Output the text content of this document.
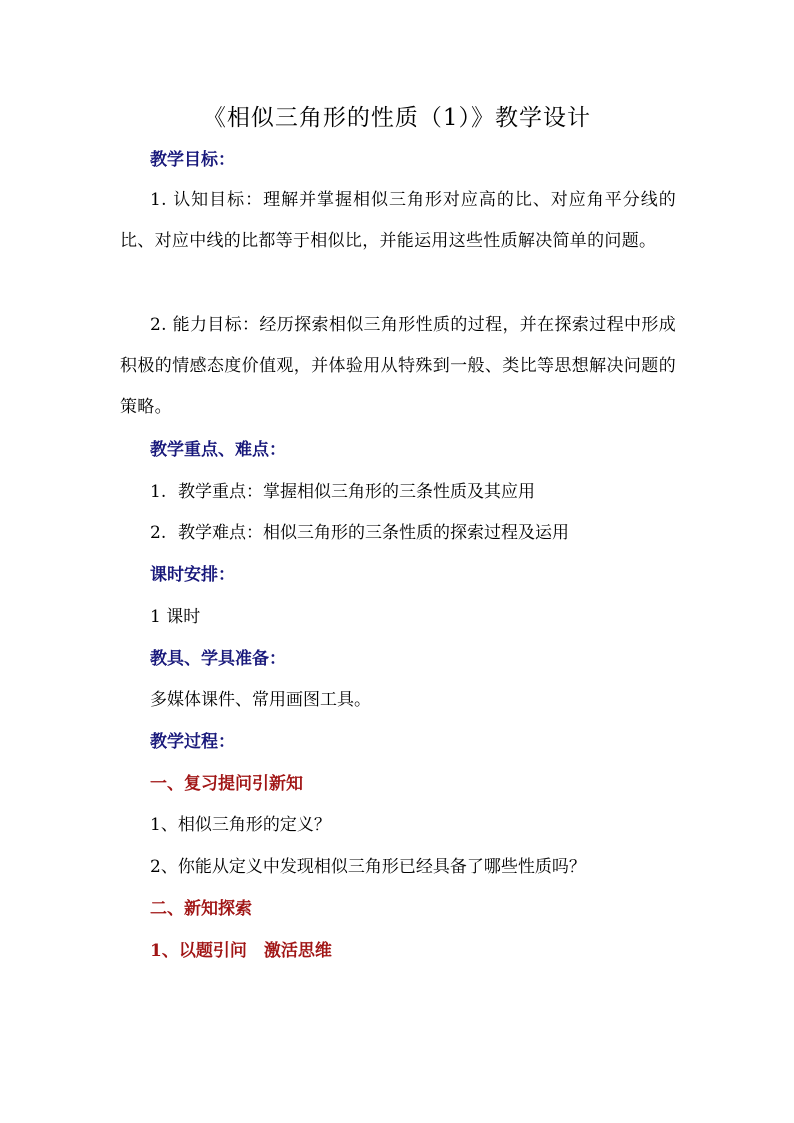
《相似三角形的性质（1）》教学设计
教学目标：
1. 认知目标：理解并掌握相似三角形对应高的比、对应角平分线的比、对应中线的比都等于相似比，并能运用这些性质解决简单的问题。
2. 能力目标：经历探索相似三角形性质的过程，并在探索过程中形成积极的情感态度价值观，并体验用从特殊到一般、类比等思想解决问题的策略。
教学重点、难点：
1. 教学重点：掌握相似三角形的三条性质及其应用
2. 教学难点：相似三角形的三条性质的探索过程及运用
课时安排：
1 课时
教具、学具准备：
多媒体课件、常用画图工具。
教学过程：
一、复习提问引新知
1、相似三角形的定义？
2、你能从定义中发现相似三角形已经具备了哪些性质吗？
二、新知探索
1、以题引问　激活思维
